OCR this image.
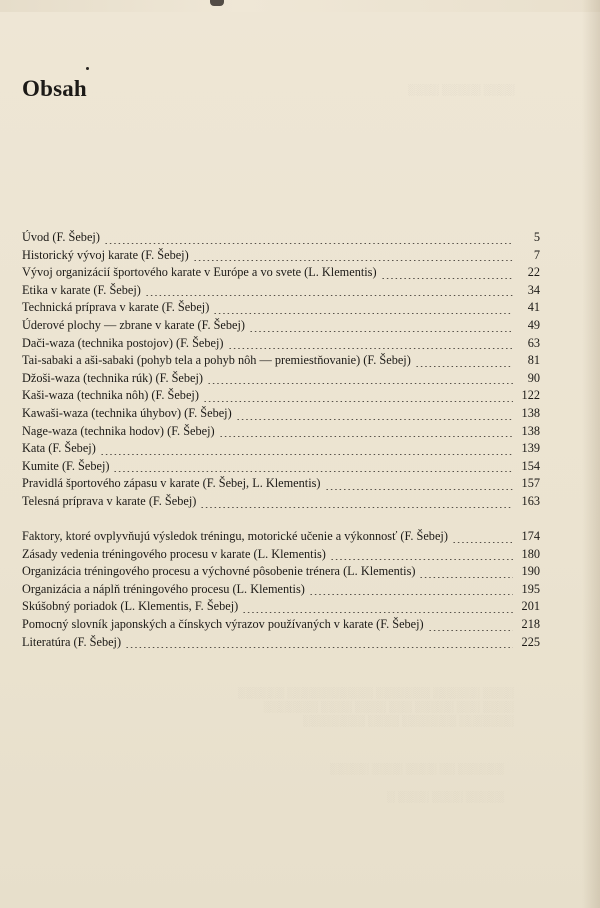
░░░░ ░░░░░ ░░░░
░░░░ ░░░░░░ ░░░░░░░ ░░░░░░░░░░░ ░░░░░░
░░░░ ░░░ ░░░░░ ░░░ ░░░░ ░░░░ ░░░░░░░
░░░░░░░ ░░░░░░░ ░░░░ ░░░░░░░░
░░░░░░ ░░ ░░░░ ░░░░ ░░░░░

░░░░░ ░░░░ ░░░░ ░
Obsah
Úvod (F. Šebej)	5
Historický vývoj karate (F. Šebej)	7
Vývoj organizácií športového karate v Európe a vo svete (L. Klementis)	22
Etika v karate (F. Šebej)	34
Technická príprava v karate (F. Šebej)	41
Úderové plochy — zbrane v karate (F. Šebej)	49
Dači-waza (technika postojov) (F. Šebej)	63
Tai-sabaki a aši-sabaki (pohyb tela a pohyb nôh — premiestňovanie) (F. Šebej)	81
Džoši-waza (technika rúk) (F. Šebej)	90
Kaši-waza (technika nôh) (F. Šebej)	122
Kawaši-waza (technika úhybov) (F. Šebej)	138
Nage-waza (technika hodov) (F. Šebej)	138
Kata (F. Šebej)	139
Kumite (F. Šebej)	154
Pravidlá športového zápasu v karate (F. Šebej, L. Klementis)	157
Telesná príprava v karate (F. Šebej)	163
Faktory, ktoré ovplyvňujú výsledok tréningu, motorické učenie a výkonnosť (F. Šebej)	174
Zásady vedenia tréningového procesu v karate (L. Klementis)	180
Organizácia tréningového procesu a výchovné pôsobenie trénera (L. Klementis)	190
Organizácia a náplň tréningového procesu (L. Klementis)	195
Skúšobný poriadok (L. Klementis, F. Šebej)	201
Pomocný slovník japonských a čínskych výrazov používaných v karate (F. Šebej)	218
Literatúra (F. Šebej)	225
